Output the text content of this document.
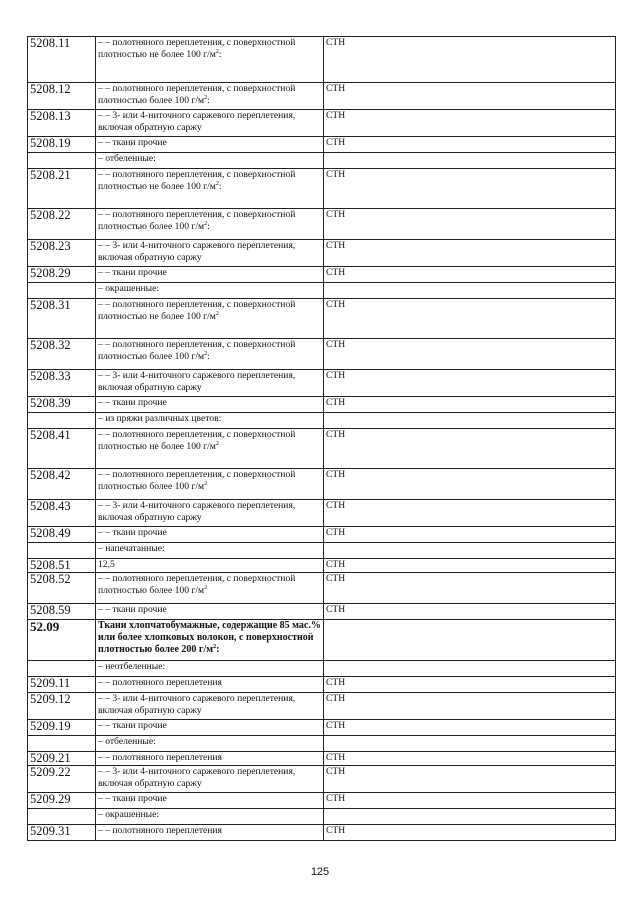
5208.11	– – полотняного переплетения, с поверхностной плотностью не более 100 $г/м^2$:	СТН
5208.12	– – полотняного переплетения, с поверхностной плотностью более 100 $г/м^2$:	СТН
5208.13	– – 3- или 4-ниточного саржевого переплетения, включая обратную саржу	СТН
5208.19	– – ткани прочие	СТН
	– отбеленные:	
5208.21	– – полотняного переплетения, с поверхностной плотностью не более 100 $г/м^2$:	СТН
5208.22	– – полотняного переплетения, с поверхностной плотностью более 100 $г/м^2$:	СТН
5208.23	– – 3- или 4-ниточного саржевого переплетения, включая обратную саржу	СТН
5208.29	– – ткани прочие	СТН
	– окрашенные:	
5208.31	– – полотняного переплетения, с поверхностной плотностью не более 100 $г/м^2$	СТН
5208.32	– – полотняного переплетения, с поверхностной плотностью более 100 $г/м^2$:	СТН
5208.33	– – 3- или 4-ниточного саржевого переплетения, включая обратную саржу	СТН
5208.39	– – ткани прочие	СТН
	– из пряжи различных цветов:	
5208.41	– – полотняного переплетения, с поверхностной плотностью не более 100 $г/м^2$	СТН
5208.42	– – полотняного переплетения, с поверхностной плотностью более 100 $г/м^2$	СТН
5208.43	– – 3- или 4-ниточного саржевого переплетения, включая обратную саржу	СТН
5208.49	– – ткани прочие	СТН
	– напечатанные:	
5208.51	12,5	СТН
5208.52	– – полотняного переплетения, с поверхностной плотностью более 100 $г/м^2$	СТН
5208.59	– – ткани прочие	СТН
52.09	Ткани хлопчатобумажные, содержащие 85 мас.% или более хлопковых волокон, с поверхностной плотностью более 200 $г/м^2$:	
	– неотбеленные:	
5209.11	– – полотняного переплетения	СТН
5209.12	– – 3- или 4-ниточного саржевого переплетения, включая обратную саржу	СТН
5209.19	– – ткани прочие	СТН
	– отбеленные:	
5209.21	– – полотняного переплетения	СТН
5209.22	– – 3- или 4-ниточного саржевого переплетения, включая обратную саржу	СТН
5209.29	– – ткани прочие	СТН
	– окрашенные:	
5209.31	– – полотняного переплетения	СТН
125
